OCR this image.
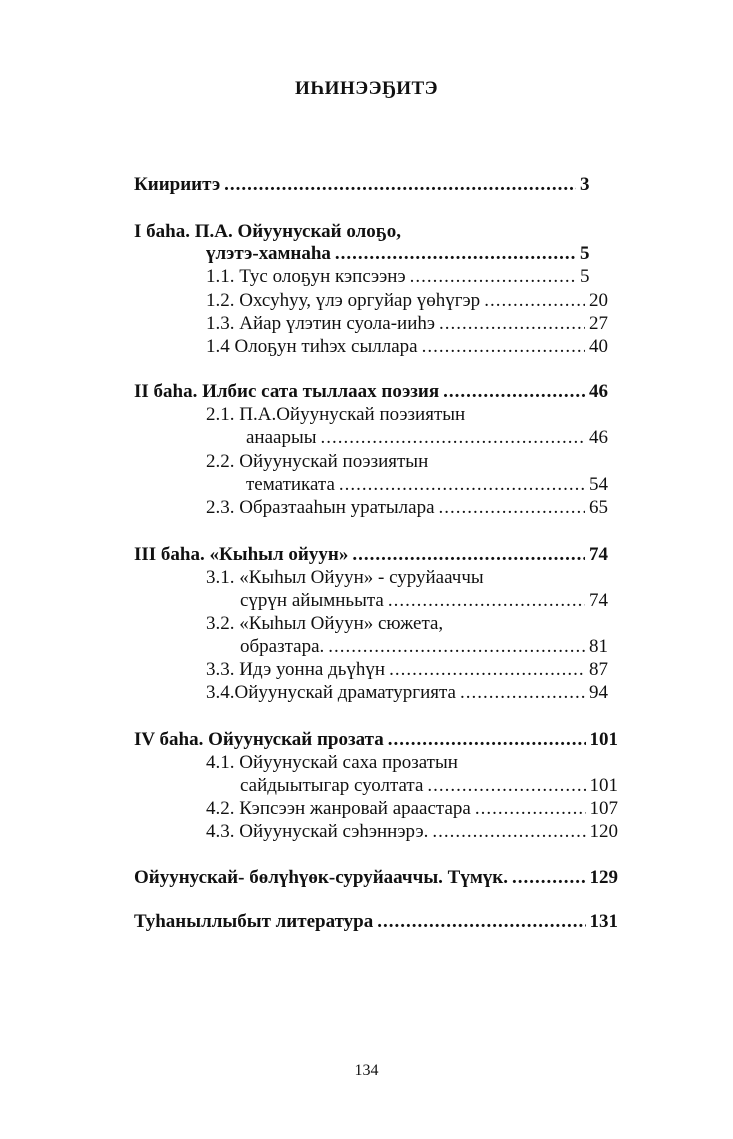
ИҺИНЭЭҔИТЭ
Киириитэ .....	3
I баһа. П.А. Ойуунускай олоҕо,
үлэтэ-хамнаһа .....	5
1.1. Тус олоҕун кэпсээнэ .....	5
1.2. Охсуһуу, үлэ оргуйар үөһүгэр .....	20
1.3. Айар үлэтин суола-ииһэ .....	27
1.4 Олоҕун тиһэх сыллара .....	40
II баһа. Илбис сата тыллаах поэзия .....	46
2.1. П.А.Ойуунускай поэзиятын
анаарыы .....	46
2.2. Ойуунускай поэзиятын
тематиката .....	54
2.3. Образтааһын уратылара .....	65
III баһа. «Кыһыл ойуун» .....	74
3.1. «Кыһыл Ойуун» - суруйааччы
сүрүн айымньыта .....	74
3.2. «Кыһыл Ойуун» сюжета,
образтара. .....	81
3.3. Идэ уонна дьүһүн .....	87
3.4.Ойуунускай драматургията .....	94
IV баһа. Ойуунускай прозата .....	101
4.1. Ойуунускай саха прозатын
сайдыытыгар суолтата .....	101
4.2. Кэпсээн жанровай араастара .....	107
4.3. Ойуунускай сэһэннэрэ. .....	120
Ойуунускай- бөлүһүөк-суруйааччы. Түмүк. .....	129
Туһаныллыбыт литература .....	131
134
